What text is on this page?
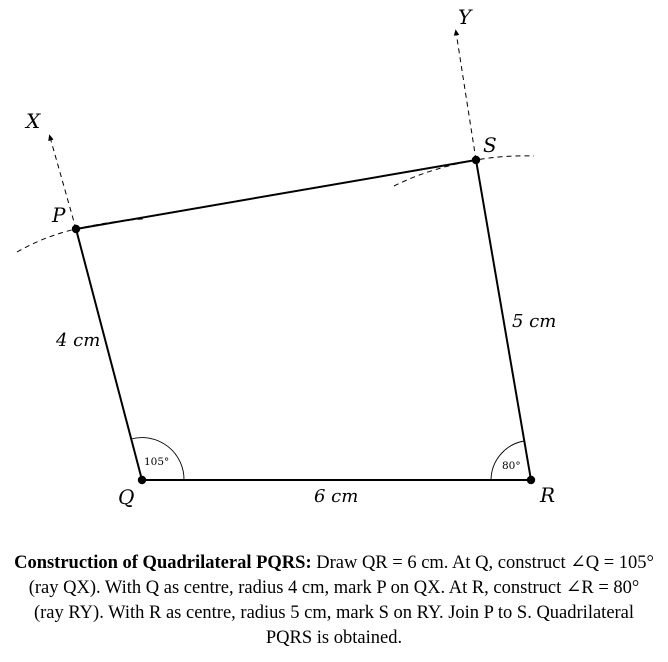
X
Y
P
S
Q	R
4 cm
6 cm
5 cm
105°	80°
Construction of Quadrilateral PQRS: Draw QR = 6 cm. At Q, construct ∠Q = 105° (ray QX). With Q as centre, radius 4 cm, mark P on QX. At R, construct ∠R = 80° (ray RY). With R as centre, radius 5 cm, mark S on RY. Join P to S. Quadrilateral PQRS is obtained.
